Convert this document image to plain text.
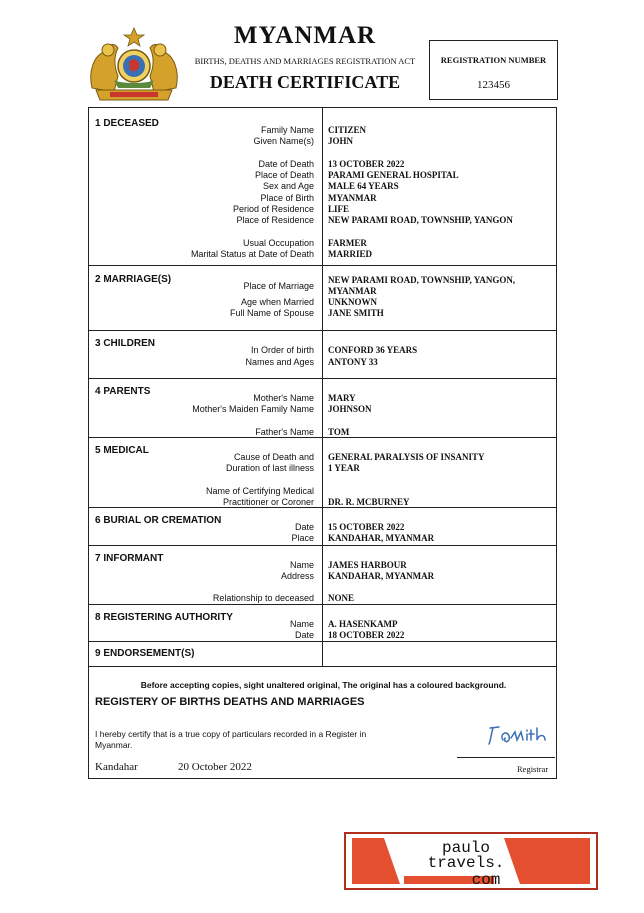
MYANMAR
BIRTHS, DEATHS AND MARRIAGES REGISTRATION ACT
DEATH CERTIFICATE
REGISTRATION NUMBER
123456
1 DECEASED
Family Name CITIZEN
Given Name(s) JOHN
Date of Death 13 OCTOBER 2022
Place of Death PARAMI GENERAL HOSPITAL
Sex and Age MALE 64 YEARS
Place of Birth MYANMAR
Period of Residence LIFE
Place of Residence NEW PARAMI ROAD, TOWNSHIP, YANGON
Usual Occupation FARMER
Marital Status at Date of Death MARRIED
2 MARRIAGE(S)
Place of Marriage
NEW PARAMI ROAD, TOWNSHIP, YANGON,
MYANMAR
Age when Married UNKNOWN
Full Name of Spouse JANE SMITH
3 CHILDREN
In Order of birth CONFORD 36 YEARS
Names and Ages ANTONY 33
4 PARENTS
Mother's Name MARY
Mother's Maiden Family Name JOHNSON
Father's Name TOM
5 MEDICAL
Cause of Death and GENERAL PARALYSIS OF INSANITY
Duration of last illness 1 YEAR
Name of Certifying Medical
Practitioner or Coroner DR. R. MCBURNEY
6 BURIAL OR CREMATION
Date 15 OCTOBER 2022
Place KANDAHAR, MYANMAR
7 INFORMANT
Name JAMES HARBOUR
Address KANDAHAR, MYANMAR
Relationship to deceased NONE
8 REGISTERING AUTHORITY
Name A. HASENKAMP
Date 18 OCTOBER 2022
9 ENDORSEMENT(S)
Before accepting copies, sight unaltered original, The original has a coloured background.
REGISTERY OF BIRTHS DEATHS AND MARRIAGES
I hereby certify that is a true copy of particulars recorded in a Register in Myanmar.
Kandahar	20 October 2022	Registrar
paulo
travels.
com
